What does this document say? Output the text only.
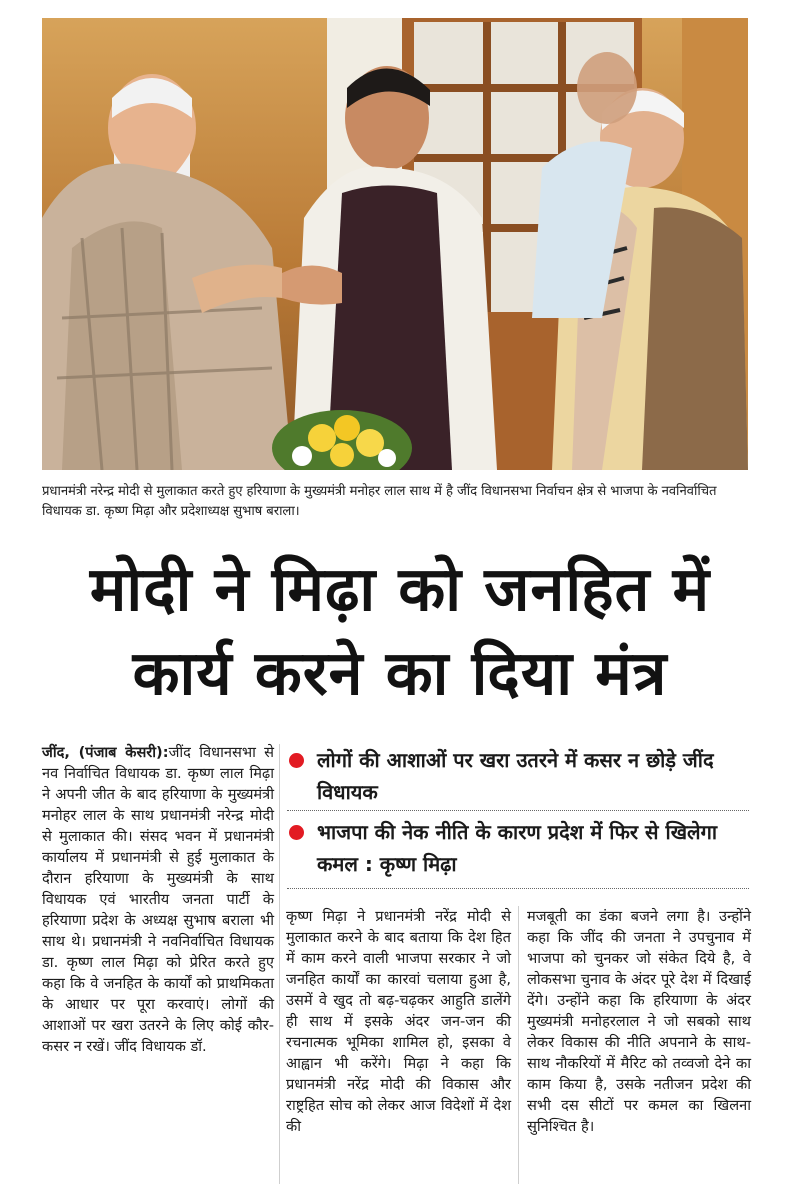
प्रधानमंत्री नरेन्द्र मोदी से मुलाकात करते हुए हरियाणा के मुख्यमंत्री मनोहर लाल साथ में है जींद विधानसभा निर्वाचन क्षेत्र से भाजपा के नवनिर्वाचित विधायक डा. कृष्ण मिढ़ा और प्रदेशाध्यक्ष सुभाष बराला।
मोदी ने मिढ़ा को जनहित में
कार्य करने का दिया मंत्र
जींद, (पंजाब केसरी):जींद विधानसभा से नव निर्वाचित विधायक डा. कृष्ण लाल मिढ़ा ने अपनी जीत के बाद हरियाणा के मुख्यमंत्री मनोहर लाल के साथ प्रधानमंत्री नरेन्द्र मोदी से मुलाकात की। संसद भवन में प्रधानमंत्री कार्यालय में प्रधानमंत्री से हुई मुलाकात के दौरान हरियाणा के मुख्यमंत्री के साथ विधायक एवं भारतीय जनता पार्टी के हरियाणा प्रदेश के अध्यक्ष सुभाष बराला भी साथ थे। प्रधानमंत्री ने नवनिर्वाचित विधायक डा. कृष्ण लाल मिढ़ा को प्रेरित करते हुए कहा कि वे जनहित के कार्यों को प्राथमिकता के आधार पर पूरा करवाएं। लोगों की आशाओं पर खरा उतरने के लिए कोई कौर-कसर न रखें। जींद विधायक डॉ.
लोगों की आशाओं पर खरा उतरने में कसर न छोड़े जींद विधायक
भाजपा की नेक नीति के कारण प्रदेश में फिर से खिलेगा कमल : कृष्ण मिढ़ा
कृष्ण मिढ़ा ने प्रधानमंत्री नरेंद्र मोदी से मुलाकात करने के बाद बताया कि देश हित में काम करने वाली भाजपा सरकार ने जो जनहित कार्यों का कारवां चलाया हुआ है, उसमें वे खुद तो बढ़-चढ़कर आहुति डालेंगे ही साथ में इसके अंदर जन-जन की रचनात्मक भूमिका शामिल हो, इसका वे आह्वान भी करेंगे। मिढ़ा ने कहा कि प्रधानमंत्री नरेंद्र मोदी की विकास और राष्ट्रहित सोच को लेकर आज विदेशों में देश की
मजबूती का डंका बजने लगा है। उन्होंने कहा कि जींद की जनता ने उपचुनाव में भाजपा को चुनकर जो संकेत दिये है, वे लोकसभा चुनाव के अंदर पूरे देश में दिखाई देंगे। उन्होंने कहा कि हरियाणा के अंदर मुख्यमंत्री मनोहरलाल ने जो सबको साथ लेकर विकास की नीति अपनाने के साथ-साथ नौकरियों में मैरिट को तव्वजो देने का काम किया है, उसके नतीजन प्रदेश की सभी दस सीटों पर कमल का खिलना सुनिश्चित है।
